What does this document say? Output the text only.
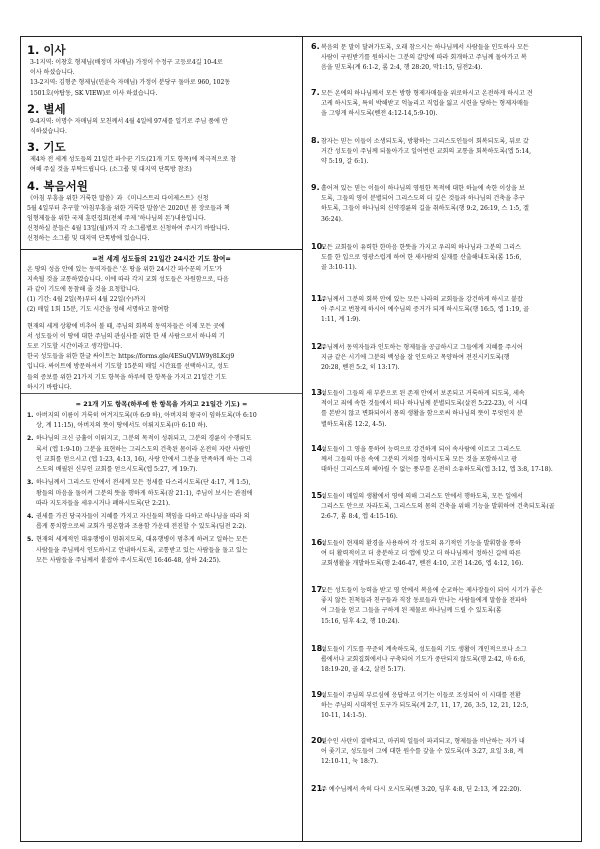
1. 이사

3-1지역: 이창호 형제님(배정미 자매님) 가정이 수정구 고등로4길 10-4로

이사 하셨습니다.

13-2지역: 김형준 형제님(민윤숙 자매님) 가정이 분당구 돌마로 960, 102동

1501호(야탑동, SK VIEW)로 이사 하셨습니다.

2. 별세

9-4지역: 이명수 자매님의 모친께서 4월 4일에 97세를 일기로 주님 품에 안

식하셨습니다.

3. 기도

제4차 전 세계 성도들의 21일간 파수꾼 기도(21개 기도 항목)에 적극적으로 참

여해 주실 것을 부탁드립니다. (소그룹 및 대지역 단톡방 참조)

4. 복음서원

《아침 부흥을 위한 거룩한 말씀》과 《미니스트리 다이제스트》신청

5월 4일부터 추구할 '아침부흥을 위한 거룩한 말씀'은 2020년 봄 장로들과 책

임형제들을 위한 국제 훈련집회(전체 주제 '하나님의 돈')내용입니다.

신청하실 분들은 4월 13일(월)까지 각 소그룹별로 신청하여 주시기 바랍니다.

신청하는 소그룹 및 대지역 단톡방에 있습니다.

=전 세계 성도들의 21일간 24시간 기도 참여=

온 땅의 성읍 안에 있는 동역자들은 '온 땅을 위한 24시간 파수꾼의 기도'가

지속될 것을 교통하였습니다. 이에 따라 각지 교회 성도들은 자원함으로, 다음

과 같이 기도에 동참해 줄 것을 요청합니다.

(1) 기간: 4월 2일(목)부터 4월 22일(수)까지

(2) 매일 1회 15분, 기도 시간을 정해 서명하고 참여함

현재의 세계 상황에 비추어 볼 때, 주님의 회복의 동역자들은 이제 모든 곳에

서 성도들이 이 땅에 대한 주님의 관심사를 위한 한 새 사람으로서 하나의 기

도로 기도할 시간이라고 생각합니다.

한국 성도들을 위한 한글 싸이트는 https://forms.gle/4ESuQVLW9y8LKcj9

입니다. 싸이트에 방문하셔서 기도할 15분의 매일 시간표를 선택하시고, 성도

들의 증보를 위한 21가지 기도 항목을 하루에 한 항목을 가지고 21일간 기도

하시기 바랍니다.

= 21개 기도 항목(하루에 한 항목을 가지고 21일간 기도) =

1. 아버지의 이름이 거룩히 여겨지도록(마 6:9 하), 아버지의 왕국이 임하도록(마 6:10
상, 계 11:15), 아버지의 뜻이 땅에서도 이뤄지도록(마 6:10 하).
2. 하나님의 크신 긍휼이 이뤄지고, 그분의 목적이 성취되고, 그분의 경륜이 수행되도
록서 (엡 1:9-10) 그분을 표현하는 그리스도의 건축된 몸이라 온전히 자란 사람인
인 교회를 얻으시고 (엡 1:23, 4:13, 16), 사랑 안에서 그분을 만족하게 하는 그리
스도의 배필된 신부인 교회를 얻으시도록(엡 5:27, 계 19:7).
3. 하나님께서 그리스도 안에서 전세계 모든 정세를 다스리시도록(단 4:17, 계 1:5),
왕들의 마음을 돌이켜 그분의 뜻을 행하게 하도록(잠 21:1), 주님이 보시는 관점에
따라 지도자들을 세우시거나 폐하시도록(단 2:21).
4. 권세를 가진 당국자들이 지혜를 가지고 자신들의 책임을 다하고 하나님을 따라 의
롭게 통치함으로써 교회가 평온함과 조용함 가운데 전진할 수 있도록(딤전 2:2).
5. 현재의 세계적인 대유행병이 멈춰지도록, 대유행병이 멈추게 하려고 일하는 모든
사람들을 주님께서 인도하시고 안내하시도록, 교통받고 있는 사람들을 돌고 있는
모든 사람들을 주님께서 붙잡아 주시도록(민 16:46-48, 삼하 24:25).
6. 복음의 문 말이 달려가도록, 오래 참으시는 하나님께서 사람들을 인도하사 모든
사람이 구원받기를 원하시는 그분의 갈망에 따라 회개하고 주님께 돌아가고 복
음을 믿도록(계 6:1-2, 롬 2:4, 행 28:20, 막1:15, 딤전2:4).
7. 모든 온에의 하나님께서 모든 방향 형제자매들을 위로하시고 온전하게 하시고 견
고케 하시도록, 특히 박해받고 억눌리고 직업을 잃고 시련을 당하는 형제자매들
을 그렇게 하시도록(벧전 4:12-14,5:9-10).
8. 참자는 믿는 이들이 소생되도록, 방황하는 그리스도인들이 회복되도록, 뒤로 갔
거간 성도들이 주님께 되돌아가고 일어번린 교회의 교통을 회복하도록(엡 5:14,
약 5:19, 갈 6:1).
9. 흩어져 있는 믿는 이들이 하나님의 영원한 목적에 대한 하늘에 속한 이상을 보
도록, 그들의 영이 분별되어 그리스도의 더 깊은 것들과 하나님의 건축을 추구
하도록, 그들이 하나님의 신약경륜의 길을 취하도록(행 9:2, 26:19, 스 1:5, 겔
36:24).
10.
모든 교회들이 유력한 한마음 한뜻을 가지고 우리의 하나님과 그분의 그리스
도를 한 입으로 영광스럽게 하여 한 새사람의 실재를 산출해내도록(롬 15:6,
골 3:10-11).
11.
주님께서 그분의 회복 안에 있는 모든 나라의 교회들을 강건하게 하시고 붙잡
아 주시고 번창케 하시어 예수님의 증거가 되게 하시도록(행 16:5, 엡 1:19, 골
1:11, 계 1:9).
12.
주님께서 동역자들과 인도하는 형제들을 공급하시고 그들에게 지혜를 주시어
지금 같은 시기에 그분의 백성을 잘 인도하고 목양하여 전진시키도록(행
20:28, 벧전 5:2, 히 13:17).
13.
성도들이 그들의 새 부분으로 된 존재 안에서 보존되고 거룩하게 되도록, 세속
적이고 죄에 속한 것들에서 떠나 하나님께 분별되도록(살전 5:22-23), 이 시대
를 본받지 않고 변화되어서 몸의 생활을 함으로써 하나님의 뜻이 무엇인지 분
별하도록(롬 12:2, 4-5).
14.
성도들이 그 영을 통하여 능력으로 강건하게 되어 속사람에 이르고 그리스도
께서 그들의 마음 속에 그분의 거처를 정하시도록 모든 것을 포함하시고 광
대하신 그리스도의 헤아릴 수 없는 풍부를 온전히 소유하도록(엡 3:12, 엡 3:8, 17-18).
15.
성도들이 매일의 생활에서 영에 의해 그리스도 안에서 행하도록, 모든 일에서
그리스도 안으로 자라도록, 그리스도의 몸의 건축을 위해 기능을 발휘하여 건축되도록(골
2:6-7, 롬 8:4, 엡 4:15-16).
16.
성도들이 현재의 환경을 사용하여 각 성도의 유기적인 기능을 발휘함을 통하
여 더 활력적이고 더 충분하고 더 앱에 맞고 더 하나님께서 정하신 길에 따른
교회생활을 개발하도록(행 2:46-47, 벧전 4:10, 고전 14:26, 엡 4:12, 16).
17.
모든 성도들이 능력을 받고 영 안에서 복음에 순교하는 제사장들이 되어 시기가 좋은
좋지 않든 친척들과 친구들과 직장 동료들과 만나는 사람들에게 말씀을 전파하
여 그들을 얻고 그들을 구하게 된 제물로 하나님께 드릴 수 있도록(롬
15:16, 딤후 4:2, 행 10:24).
18.
성도들이 기도를 꾸준히 계속하도록, 성도들의 기도 생활이 개인적으로나 소그
룹에서나 교회집회에서나 구축되어 기도가 중단되지 않도록(행 2:42, 마 6:6,
18:19-20, 골 4:2, 살전 5:17).
19.
성도들이 주님의 부르심에 응답하고 이기는 이들로 조성되어 이 시대를 전환
하는 주님의 시대적인 도구가 되도록(계 2:7, 11, 17, 26, 3:5, 12, 21, 12:5,
10-11, 14:1-5).
20.
원수인 사탄이 결박되고, 마귀의 일들이 파괴되고, 형제들을 비난하는 자가 내
어 좇기고, 성도들이 그에 대한 원수를 갚을 수 있도록(마 3:27, 요일 3:8, 계
12:10-11, 눅 18:7).
21.
주 예수님께서 속히 다시 오시도록(벧 3:20, 딤후 4:8, 딛 2:13, 계 22:20).
